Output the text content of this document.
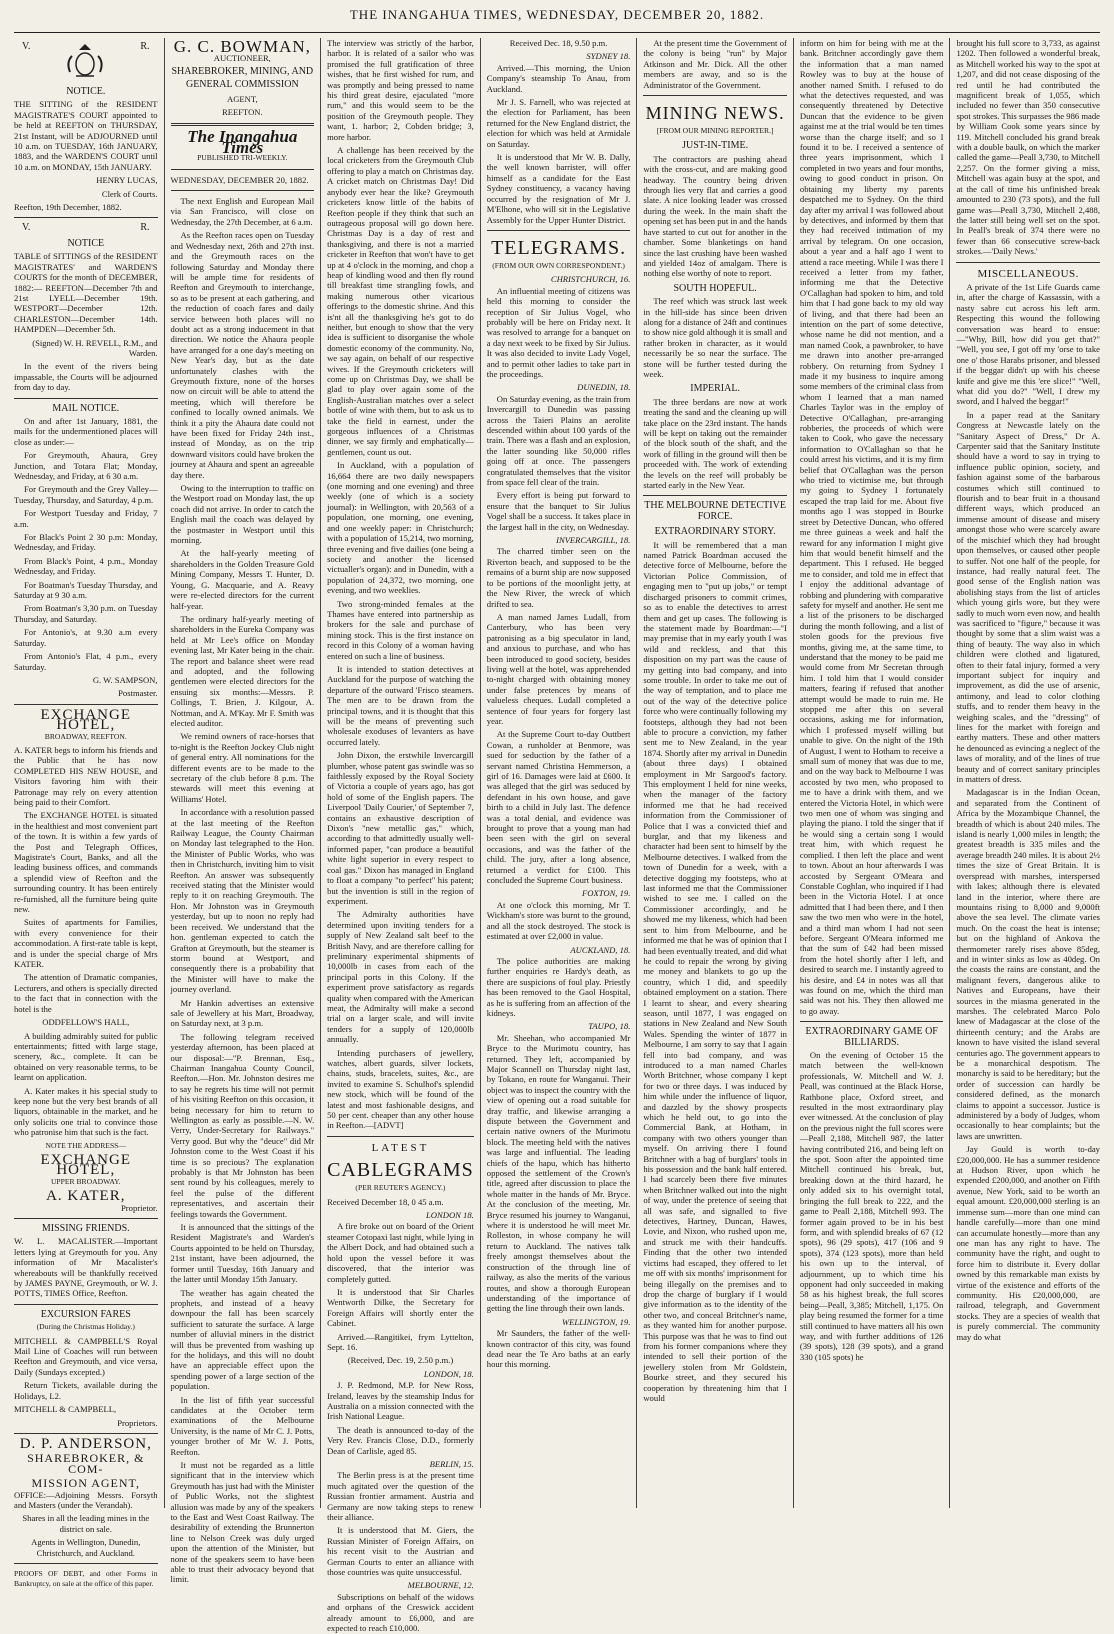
THE INANGAHUA TIMES, WEDNESDAY, DECEMBER 20, 1882.
V.	R.
NOTICE.

THE SITTING of the RESIDENT MAGISTRATE'S COURT appointed to be held at REEFTON on THURSDAY, 21st Instant, will be ADJOURNED until 10 a.m. on TUESDAY, 16th JANUARY, 1883, and the WARDEN'S COURT until 10 a.m. on MONDAY, 15th JANUARY.

HENRY LUCAS,

Clerk of Courts.

Reefton, 19th December, 1882.

V.	R.
NOTICE

TABLE of SITTINGS of the RESIDENT MAGISTRATES' and WARDEN'S COURTS for the month of DECEMBER, 1882:— REEFTON—December 7th and 21st LYELL—December 19th. WESTPORT—December 12th. CHARLESTON—December 14th. HAMPDEN—December 5th.

(Signed) W. H. REVELL, R.M., and Warden.

In the event of the rivers being impassable, the Courts will be adjourned from day to day.

MAIL NOTICE.

On and after 1st January, 1881, the mails for the undermentioned places will close as under:—

For Greymouth, Ahaura, Grey Junction, and Totara Flat; Monday, Wednesday, and Friday, at 6 30 a.m.

For Greymouth and the Grey Valley—Tuesday, Thursday, and Saturday, 4 p.m.

For Westport Tuesday and Friday, 7 a.m.

For Black's Point 2 30 p.m: Monday, Wednesday, and Friday.

From Black's Point, 4 p.m., Monday Wednesday, and Friday.

For Boatman's Tuesday Thursday, and Saturday at 9 30 a.m.

From Boatman's 3,30 p.m. on Tuesday Thursday, and Saturday.

For Antonio's, at 9.30 a.m every Saturday.

From Antonio's Flat, 4 p.m., every Saturday.

G. W. SAMPSON,

Postmaster.

EXCHANGE HOTEL,
BROADWAY, REEFTON.

A. KATER begs to inform his friends and the Public that he has now COMPLETED HIS NEW HOUSE, and Visitors favoring him with their Patronage may rely on every attention being paid to their Comfort.

The EXCHANGE HOTEL is situated in the healthiest and most convenient part of the town. It is within a few yards of the Post and Telegraph Offices, Magistrate's Court, Banks, and all the leading business offices, and commands a splendid view of Reefton and the surrounding country. It has been entirely re-furnished, all the furniture being quite new.

Suites of apartments for Families, with every convenience for their accommodation. A first-rate table is kept, and is under the special charge of Mrs KATER.

The attention of Dramatic companies, Lecturers, and others is specially directed to the fact that in connection with the hotel is the

ODDFELLOW'S HALL,

A building admirably suited for public entertainments; fitted with large stage, scenery, &c., complete. It can be obtained on very reasonable terms, to be learnt on application.

A. Kater makes it his special study to keep none but the very best brands of all liquors, obtainable in the market, and he only solicits one trial to convince those who patronise him that such is the fact.

NOTE THE ADDRESS—

EXCHANGE HOTEL,
UPPER BROADWAY.
A. KATER,

Proprietor.

MISSING FRIENDS.

W. L. MACALISTER.—Important letters lying at Greymouth for you. Any information of Mr Macalister's whereabouts will be thankfully received by JAMES PAYNE, Greymouth, or W. J. POTTS, TIMES Office, Reefton.

EXCURSION FARES
(During the Christmas Holiday.)

MITCHELL & CAMPBELL'S Royal Mail Line of Coaches will run between Reefton and Greymouth, and vice versa, Daily (Sundays excepted.)

Return Tickets, available during the Holidays, L2.

MITCHELL & CAMPBELL,

Proprietors.

D. P. ANDERSON,
SHAREBROKER, & COM-
MISSION AGENT,

OFFICE:—Adjoining Messrs. Forsyth and Masters (under the Verandah).

Shares in all the leading mines in the district on sale.

Agents in Wellington, Dunedin, Christchurch, and Auckland.

PROOFS OF DEBT, and other Forms in Bankruptcy, on sale at the office of this paper.

G. C. BOWMAN,

AUCTIONEER,

SHAREBROKER, MINING, AND

GENERAL COMMISSION

AGENT,

REEFTON.

The Inangahua Times
PUBLISHED TRI-WEEKLY.

WEDNESDAY, DECEMBER 20, 1882.

The next English and European Mail via San Francisco, will close on Wednesday, the 27th December, at 6 a.m.

As the Reefton races open on Tuesday and Wednesday next, 26th and 27th inst. and the Greymouth races on the following Saturday and Monday there will be ample time for residents of Reefton and Greymouth to interchange, so as to be present at each gathering, and the reduction of coach fares and daily service between both places will no doubt act as a strong inducement in that direction. We notice the Ahaura people have arranged for a one day's meeting on New Year's day, but as the date unfortunately clashes with the Greymouth fixture, none of the horses now on circuit will be able to attend the meeting, which will therefore be confined to locally owned animals. We think it a pity the Ahaura date could not have been fixed for Friday 24th inst., instead of Monday, as on the trip downward visitors could have broken the journey at Ahaura and spent an agreeable day there.

Owing to the interruption to traffic on the Westport road on Monday last, the up coach did not arrive. In order to catch the English mail the coach was delayed by the postmaster in Westport until this morning.

At the half-yearly meeting of shareholders in the Golden Treasure Gold Mining Company, Messrs T. Hunter, D. Young, G. Macquarie, and A. Reavy were re-elected directors for the current half-year.

The ordinary half-yearly meeting of shareholders in the Eureka Company was held at Mr Lee's office on Monday evening last, Mr Kater being in the chair. The report and balance sheet were read and adopted, and the following gentlemen were elected directors for the ensuing six months:—Messrs. P. Collings, T. Brien, J. Kilgour, A. Nottman, and A. M'Kay. Mr F. Smith was elected auditor.

We remind owners of race-horses that to-night is the Reefton Jockey Club night of general entry. All nominations for the different events are to be made to the secretary of the club before 8 p.m. The stewards will meet this evening at Williams' Hotel.

In accordance with a resolution passed at the last meeting of the Reefton Railway League, the County Chairman on Monday last telegraphed to the Hon. the Minister of Public Works, who was then in Christchurch, inviting him to visit Reefton. An answer was subsequently received stating that the Minister would reply to it on reaching Greymouth. The Hon. Mr Johnston was in Greymouth yesterday, but up to noon no reply had been received. We understand that the hon. gentleman expected to catch the Grafton at Greymouth, but the steamer is storm bound at Westport, and consequently there is a probability that the Minister will have to make the journey overland.

Mr Hankin advertises an extensive sale of Jewellery at his Mart, Broadway, on Saturday next, at 3 p.m.

The following telegram received yesterday afternoon, has been placed at our disposal:—"P. Brennan, Esq., Chairman Inangahua County Council, Reefton.—Hon. Mr. Johnston desires me to say he regrets his time will not permit of his visiting Reefton on this occasion, it being necessary for him to return to Wellington as early as possible.—N. W. Verry, Under-Secretary for Railways." Verry good. But why the "deuce" did Mr Johnston come to the West Coast if his time is so precious? The explanation probably is that Mr Johnston has been sent round by his colleagues, merely to feel the pulse of the different representatives, and ascertain their feelings towards the Government.

It is announced that the sittings of the Resident Magistrate's and Warden's Courts appointed to be held on Thursday, 21st instant, have been adjourned, the former until Tuesday, 16th January and the latter until Monday 15th January.

The weather has again cheated the prophets, and instead of a heavy downpour the fall has been scarcely sufficient to saturate the surface. A large number of alluvial miners in the district will thus be prevented from washing up for the holidays, and this will no doubt have an appreciable effect upon the spending power of a large section of the population.

In the list of fifth year successful candidates at the October term examinations of the Melbourne University, is the name of Mr C. J. Potts, younger brother of Mr W. J. Potts, Reefton.

It must not be regarded as a little significant that in the interview which Greymouth has just had with the Minister of Public Works, not the slightest allusion was made by any of the speakers to the East and West Coast Railway. The desirability of extending the Brunnerton line to Nelson Creek was duly urged upon the attention of the Minister, but none of the speakers seem to have been able to trust their advocacy beyond that limit.

The interview was strictly of the harbor, harbor. It is related of a sailor who was promised the full gratification of three wishes, that he first wished for rum, and was promptly and being pressed to name his third great desire, ejaculated "more rum," and this would seem to be the position of the Greymouth people. They want, 1. harbor; 2, Cobden bridge; 3, more harbor.

A challenge has been received by the local cricketers from the Greymouth Club offering to play a match on Christmas day. A cricket match on Christmas Day! Did anybody ever hear the like? Greymouth cricketers know little of the habits of Reefton people if they think that such an outrageous proposal will go down here. Christmas Day is a day of rest and thanksgiving, and there is not a married cricketer in Reefton that won't have to get up at 4 o'clock in the morning, and chop a heap of kindling wood and then fly round till breakfast time strangling fowls, and making numerous other vicarious offerings to the domestic shrine. And this is'nt all the thanksgiving he's got to do neither, but enough to show that the very idea is sufficient to disorganise the whole domestic economy of the community. No, we say again, on behalf of our respective wives. If the Greymouth cricketers will come up on Christmas Day, we shall be glad to play over again some of the English-Australian matches over a select bottle of wine with them, but to ask us to take the field in earnest, under the gorgeous influences of a Christmas dinner, we say firmly and emphatically—gentlemen, count us out.

In Auckland, with a population of 16,664 there are two daily newspapers (one morning and one evening) and three weekly (one of which is a society journal): in Wellington, with 20,563 of a population, one morning, one evening, and one weekly paper: in Christchurch; with a population of 15,214, two morning, three evening and five dailies (one being a society and another the licensed victualler's organ): and in Dunedin, with a population of 24,372, two morning, one evening, and two weeklies.

Two strong-minded females at the Thames have entered into partnership as brokers for the sale and purchase of mining stock. This is the first instance on record in this Colony of a woman having entered on such a line of business.

It is intended to station detectives at Auckland for the purpose of watching the departure of the outward 'Frisco steamers. The men are to be drawn from the principal towns, and it is thought that this will be the means of preventing such wholesale exoduses of levanters as have occurred lately.

John Dixon, the erstwhile Invercargill plumber, whose patent gas swindle was so faithlessly exposed by the Royal Society of Victoria a couple of years ago, has got hold of some of the English papers. The Liverpool 'Daily Courier,' of September 7, contains an exhaustive description of Dixon's "new metallic gas," which, according to that admittedly usually well-informed paper, "can produce a beautiful white light superior in every respect to coal gas." Dixon has managed in England to float a company "to perfect" his patent; but the invention is still in the region of experiment.

The Admiralty authorities have determined upon inviting tenders for a supply of New Zealand salt beef to the British Navy, and are therefore calling for preliminary experimental shipments of 10,000lb in cases from each of the principal ports in this Colony. If the experiment prove satisfactory as regards quality when compared with the American meat, the Admiralty will make a second trial on a larger scale, and will invite tenders for a supply of 120,000lb annually.

Intending purchasers of jewellery, watches, albert guards, silver lockets, chains, studs, bracelets, suites, &c., are invited to examine S. Schulhof's splendid new stock, which will be found of the latest and most fashionable designs, and 50 per cent. cheaper than any other house in Reefton.—[ADVT]

LATEST
CABLEGRAMS
(PER REUTER'S AGENCY.)

Received December 18, 0 45 a.m.

LONDON 18.

A fire broke out on board of the Orient steamer Cotopaxi last night, while lying in the Albert Dock, and had obtained such a hold upon the vessel before it was discovered, that the interior was completely gutted.

It is understood that Sir Charles Wentworth Dilke, the Secretary for Foreign Affairs will shortly enter the Cabinet.

Arrived.—Rangitikei, frym Lyttelton, Sept. 16.

(Received, Dec. 19, 2.50 p.m.)

LONDON, 18.

J. P. Redmond, M.P. for New Ross, Ireland, leaves by the steamship Indus for Australia on a mission connected with the Irish National League.

The death is announced to-day of the Very Rev. Francis Close, D.D., formerly Dean of Carlisle, aged 85.

BERLIN, 15.

The Berlin press is at the present time much agitated over the question of the Russian frontier armament. Austria and Germany are now taking steps to renew their alliance.

It is understood that M. Giers, the Russian Minister of Foreign Affairs, on his recent visit to the Austrian and German Courts to enter an alliance with those countries was quite unsuccessful.

MELBOURNE, 12.

Subscriptions on behalf of the widows and orphans of the Creswick accident already amount to £6,000, and are expected to reach £10,000.

Received Dec. 18, 9.50 p.m.

SYDNEY 18.

Arrived.—This morning, the Union Company's steamship To Anau, from Auckland.

Mr J. S. Farnell, who was rejected at the election for Parliament, has been returned for the New England district, the election for which was held at Armidale on Saturday.

It is understood that Mr W. B. Dally, the well known barrister, will offer himself as a candidate for the East Sydney constituency, a vacancy having occurred by the resignation of Mr J. M'Elhone, who will sit in the Legislative Assembly for the Upper Hunter District.

TELEGRAMS.
(FROM OUR OWN CORRESPONDENT.)

CHRISTCHURCH, 16.

An influential meeting of citizens was held this morning to consider the reception of Sir Julius Vogel, who probably will be here on Friday next. It was resolved to arrange for a banquet on a day next week to be fixed by Sir Julius. It was also decided to invite Lady Vogel, and to permit other ladies to take part in the proceedings.

DUNEDIN, 18.

On Saturday evening, as the train from Invercargill to Dunedin was passing across the Taieri Plains an aerolite descended within about 100 yards of the train. There was a flash and an explosion, the latter sounding like 50,000 rifles going off at once. The passengers congratulated themselves that the visitor from space fell clear of the train.

Every effort is being put forward to ensure that the banquet to Sir Julius Vogel shall be a success. It takes place in the largest hall in the city, on Wednesday.

INVERCARGILL, 18.

The charred timber seen on the Riverton beach, and supposed to be the remains of a burnt ship are now supposed to be portions of the moonlight jetty, at the New River, the wreck of which drifted to sea.

A man named James Ludall, from Canterbury, who has been very patronising as a big speculator in land, and anxious to purchase, and who has been introduced to good society, besides living well at the hotel, was apprehended to-night charged with obtaining money under false pretences by means of valueless cheques. Ludall completed a sentence of four years for forgery last year.

At the Supreme Court to-day Outtbert Cowan, a runholder at Benmore, was sued for seduction by the father of a servant named Christina Hemmerson, a girl of 16. Damages were laid at £600. It was alleged that the girl was seduced by defendant in his own house, and gave birth to a child in July last. The defence was a total denial, and evidence was brought to prove that a young man had been seen with the girl on several occasions, and was the father of the child. The jury, after a long absence, returned a verdict for £100. This concluded the Supreme Court business.

FOXTON, 19.

At one o'clock this morning, Mr T. Wickham's store was burnt to the ground, and all the stock destroyed. The stock is estimated at over £2,000 in value.

AUCKLAND, 18.

The police authorities are making further enquiries re Hardy's death, as there are suspicions of foul play. Priestly has been removed to the Gaol Hospital, as he is suffering from an affection of the kidneys.

TAUPO, 18.

Mr. Sheehan, who accompanied Mr Bryce to the Murimotu country, has returned. They left, accompanied by Major Scannell on Thursday night last, by Tokano, en route for Wanganui. Their object was to inspect the country with the view of opening out a road suitable for dray traffic, and likewise arranging a dispute between the Government and certain native owners of the Murimotu block. The meeting held with the natives was large and influential. The leading chiefs of the hapu, which has hitherto opposed the settlement of the Crown's title, agreed after discussion to place the whole matter in the hands of Mr. Bryce. At the conclusion of the meeting, Mr. Bryce resumed his journey to Wanganui, where it is understood he will meet Mr. Rolleston, in whose company he will return to Auckland. The natives talk freely amongst themselves about the construction of the through line of railway, as also the merits of the various routes, and show a thorough European understanding of the importance of getting the line through their own lands.

WELLINGTON, 19.

Mr Saunders, the father of the well-known contractor of this city, was found dead near the Te Aro baths at an early hour this morning.

At the present time the Government of the colony is being "run" by Major Atkinson and Mr. Dick. All the other members are away, and so is the Administrator of the Government.

MINING NEWS.
[FROM OUR MINING REPORTER.]
JUST-IN-TIME.

The contractors are pushing ahead with the cross-cut, and are making good headway. The country being driven through lies very flat and carries a good slate. A nice looking leader was crossed during the week. In the main shaft the opening set has been put in and the hands have started to cut out for another in the chamber. Some blanketings on hand since the last crushing have been washed and yielded 14oz of amalgam. There is nothing else worthy of note to report.

SOUTH HOPEFUL.

The reef which was struck last week in the hill-side has since been driven along for a distance of 24ft and continues to show nice gold although it is small and rather broken in character, as it would necessarily be so near the surface. The stone will be further tested during the week.

IMPERIAL.

The three berdans are now at work treating the sand and the cleaning up will take place on the 23rd instant. The hands will be kept on taking out the remainder of the block south of the shaft, and the work of filling in the ground will then be proceeded with. The work of extending the levels on the reef will probably be started early in the New Year.

THE MELBOURNE DETECTIVE FORCE.
EXTRAORDINARY STORY.

It will be remembered that a man named Patrick Boardman accused the detective force of Melbourne, before the Victorian Police Commission, of engaging men to "put up jobs," or tempt discharged prisoners to commit crimes, so as to enable the detectives to arrest them and get up cases. The following is the statement made by Boardman:—"I may premise that in my early youth I was wild and reckless, and that this disposition on my part was the cause of my getting into bad company, and into some trouble. In order to take me out of the way of temptation, and to place me out of the way of the detective police force who were continually following my footsteps, although they had not been able to procure a conviction, my father sent me to New Zealand, in the year 1874. Shortly after my arrival in Dunedin (about three days) I obtained employment in Mr Sargood's factory. This employment I held for nine weeks, when the manager of the factory informed me that he had received information from the Commissioner of Police that I was a convicted thief and burglar, and that my likeness and character had been sent to himself by the Melbourne detectives. I walked from the town of Dunedin for a week, with a detective dogging my footsteps, who at last informed me that the Commissioner wished to see me. I called on the Commissioner accordingly, and he showed me my likeness, which had been sent to him from Melbourne, and he informed me that he was of opinion that I had been eventually treated, and did what he could to repair the wrong by giving me money and blankets to go up the country, which I did, and speedily obtained employment on a station. There I learnt to shear, and every shearing season, until 1877, I was engaged on stations in New Zealand and New South Wales. Spending the winter of 1877 in Melbourne, I am sorry to say that I again fell into bad company, and was introduced to a man named Charles Worth Britchner, whose company I kept for two or three days. I was induced by him while under the influence of liquor, and dazzled by the showy prospects which he held out, to go into the Commercial Bank, at Hotham, in company with two others younger than myself. On arriving there I found Britchner with a bag of burglars' tools in his possession and the bank half entered. I had scarcely been there five minutes when Britchner walked out into the night of way, under the pretence of seeing that all was safe, and signalled to five detectives, Hartney, Duncan, Hawes, Lovie, and Nixon, who rushed upon me, and struck me with their handcuffs. Finding that the other two intended victims had escaped, they offered to let me off with six months' imprisonment for being illegally on the premises and to drop the charge of burglary if I would give information as to the identity of the other two, and conceal Britchner's name, as they wanted him for another purpose. This purpose was that he was to find out from his former companions where they intended to sell their portion of the jewellery stolen from Mr Goldstein, Bourke street, and they secured his cooperation by threatening him that I would

inform on him for being with me at the bank. Britchner accordingly gave them the information that a man named Rowley was to buy at the house of another named Smith. I refused to do what the detectives requested, and was consequently threatened by Detective Duncan that the evidence to be given against me at the trial would be ten times worse than the charge itself; and so I found it to be. I received a sentence of three years imprisonment, which I completed in two years and four months, owing to good conduct in prison. On obtaining my liberty my parents despatched me to Sydney. On the third day after my arrival I was followed about by detectives, and informed by them that they had received intimation of my arrival by telegram. On one occasion, about a year and a half ago I went to attend a race meeting. While I was there I received a letter from my father, informing me that the Detective O'Callaghan had spoken to him, and told him that I had gone back to my old way of living, and that there had been an intention on the part of some detective, whose name he did not mention, and a man named Cook, a pawnbroker, to have me drawn into another pre-arranged robbery. On returning from Sydney I made it my business to inquire among some members of the criminal class from whom I learned that a man named Charles Taylor was in the employ of Detective O'Callaghan, pre-arranging robberies, the proceeds of which were taken to Cook, who gave the necessary information to O'Callaghan so that he could arrest his victims, and it is my firm belief that O'Callaghan was the person who tried to victimise me, but through my going to Sydney I fortunately escaped the trap laid for me. About five months ago I was stopped in Bourke street by Detective Duncan, who offered me three guineas a week and half the reward for any information I might give him that would benefit himself and the department. This I refused. He begged me to consider, and told me in effect that I enjoy the additional advantage of robbing and plundering with comparative safety for myself and another. He sent me a list of the prisoners to be discharged during the month following, and a list of stolen goods for the previous five months, giving me, at the same time, to understand that the money to be paid me would come from Mr Secretan through him. I told him that I would consider matters, fearing if refused that another attempt would be made to ruin me. He stopped me after this on several occasions, asking me for information, which I professed myself willing but unable to give. On the night of the 19th of August, I went to Hotham to receive a small sum of money that was due to me, and on the way back to Melbourne I was accosted by two men, who proposed to me to have a drink with them, and we entered the Victoria Hotel, in which were two men one of whom was singing and playing the piano. I told the singer that if he would sing a certain song I would treat him, with which request he complied. I then left the place and went to town. About an hour afterwards I was accosted by Sergeant O'Meara and Constable Coghlan, who inquired if I had been in the Victoria Hotel. I at once admitted that I had been there, and I then saw the two men who were in the hotel, and a third man whom I had not seen before. Sergeant O'Meara informed me that the sum of £42 had been missed from the hotel shortly after I left, and desired to search me. I instantly agreed to his desire, and £4 in notes was all that was found on me, which the third man said was not his. They then allowed me to go away.

EXTRAORDINARY GAME OF BILLIARDS.

On the evening of October 15 the match between the well-known professionals, W. Mitchell and W. J. Peall, was continued at the Black Horse, Rathbone place, Oxford street, and resulted in the most extraordinary play ever witnessed. At the conclusion of play on the previous night the full scores were—Peall 2,188, Mitchell 987, the latter having contributed 216, and being left on the spot. Soon after the appointed time Mitchell continued his break, but, breaking down at the third hazard, he only added six to his overnight total, bringing the full break to 222, and the game to Peall 2,188, Mitchell 993. The former again proved to be in his best form, and with splendid breaks of 67 (12 spots), 96 (29 spots), 417 (106 and 9 spots), 374 (123 spots), more than held his own up to the interval, of adjournment, up to which time his opponent had only succeeded in making 58 as his highest break, the full scores being—Peall, 3,385; Mitchell, 1,175. On play being resumed the former for a time still continued to have matters all his own way, and with further additions of 126 (39 spots), 128 (39 spots), and a grand 330 (105 spots) he

brought his full score to 3,733, as against 1202. Then followed a wonderful break, as Mitchell worked his way to the spot at 1,207, and did not cease disposing of the red until he had contributed the magnificent break of 1,055, which included no fewer than 350 consecutive spot strokes. This surpasses the 986 made by William Cook some years since by 119. Mitchell concluded his grand break with a double baulk, on which the marker called the game—Peall 3,730, to Mitchell 2,257. On the former giving a miss, Mitchell was again busy at the spot, and at the call of time his unfinished break amounted to 230 (73 spots), and the full game was—Peall 3,730, Mitchell 2,488, the latter still being well set on the spot. In Peall's break of 374 there were no fewer than 66 consecutive screw-back strokes.—'Daily News.'

MISCELLANEOUS.

A private of the 1st Life Guards came in, after the charge of Kassassin, with a nasty sabre cut across his left arm. Respecting this wound the following conversation was heard to ensue:—"Why, Bill, how did you get that?" "Well, you see, I got off my 'orse to take one o' those Harabs prisoner, and blessed if the beggar didn't up with his cheese knife and give me this 'ere slice!" "Well, what did you do?" "Well, I drew my sword, and I halved the beggar!"

In a paper read at the Sanitary Congress at Newcastle lately on the "Sanitary Aspect of Dress," Dr A. Carpenter said that the Sanitary Institute should have a word to say in trying to influence public opinion, society, and fashion against some of the barbarous costumes which still continued to flourish and to bear fruit in a thousand different ways, which produced an immense amount of disease and misery amongst those who were scarcely aware of the mischief which they had brought upon themselves, or caused other people to suffer. Not one half of the people, for instance, had really natural feet. The good sense of the English nation was abolishing stays from the list of articles which young girls wore, but they were sadly to much worn even now, and health was sacrificed to "figure," because it was thought by some that a slim waist was a thing of beauty. The way also in which children were clothed and ligatured, often to their fatal injury, formed a very important subject for inquiry and improvement, as did the use of arsenic, antimony, and lead to color clothing stuffs, and to render them heavy in the weighing scales, and the "dressing" of lines for the market with foreign and earthy matters. These and other matters he denounced as evincing a neglect of the laws of morality, and of the lines of true beauty and of correct sanitary principles in matters of dress.

Madagascar is in the Indian Ocean, and separated from the Continent of Africa by the Mozambique Channel, the breadth of which is about 240 miles. The island is nearly 1,000 miles in length; the greatest breadth is 335 miles and the average breadth 240 miles. It is about 2½ times the size of Great Britain. It is overspread with marshes, interspersed with lakes; although there is elevated land in the interior, where there are mountains rising to 8,000 and 9,000ft above the sea level. The climate varies much. On the coast the heat is intense; but on the highland of Ankova the thermometer rarely rises above 85deg, and in winter sinks as low as 40deg. On the coasts the rains are constant, and the malignant fevers, dangerous alike to Natives and Europeans, have their sources in the miasma generated in the marshes. The celebrated Marco Polo knew of Madagascar at the close of the thirteenth century; and the Arabs are known to have visited the island several centuries ago. The government appears to be a monarchical despotism. The monarchy is said to be hereditary; but the order of succession can hardly be considered defined, as the monarch claims to appoint a successor. Justice is administered by a body of Judges, whom occasionally to hear complaints; but the laws are unwritten.

Jay Gould is worth to-day £20,000,000. He has a summer residence at Hudson River, upon which he expended £200,000, and another on Fifth avenue, New York, said to be worth an equal amount. £20,000,000 sterling is an immense sum—more than one mind can handle carefully—more than one mind can accumulate honestly—more than any one man has any right to have. The community have the right, and ought to force him to distribute it. Every dollar owned by this remarkable man exists by virtue of the existence and efforts of the community. His £20,000,000, are railroad, telegraph, and Government stocks. They are a species of wealth that is purely commercial. The community may do what
